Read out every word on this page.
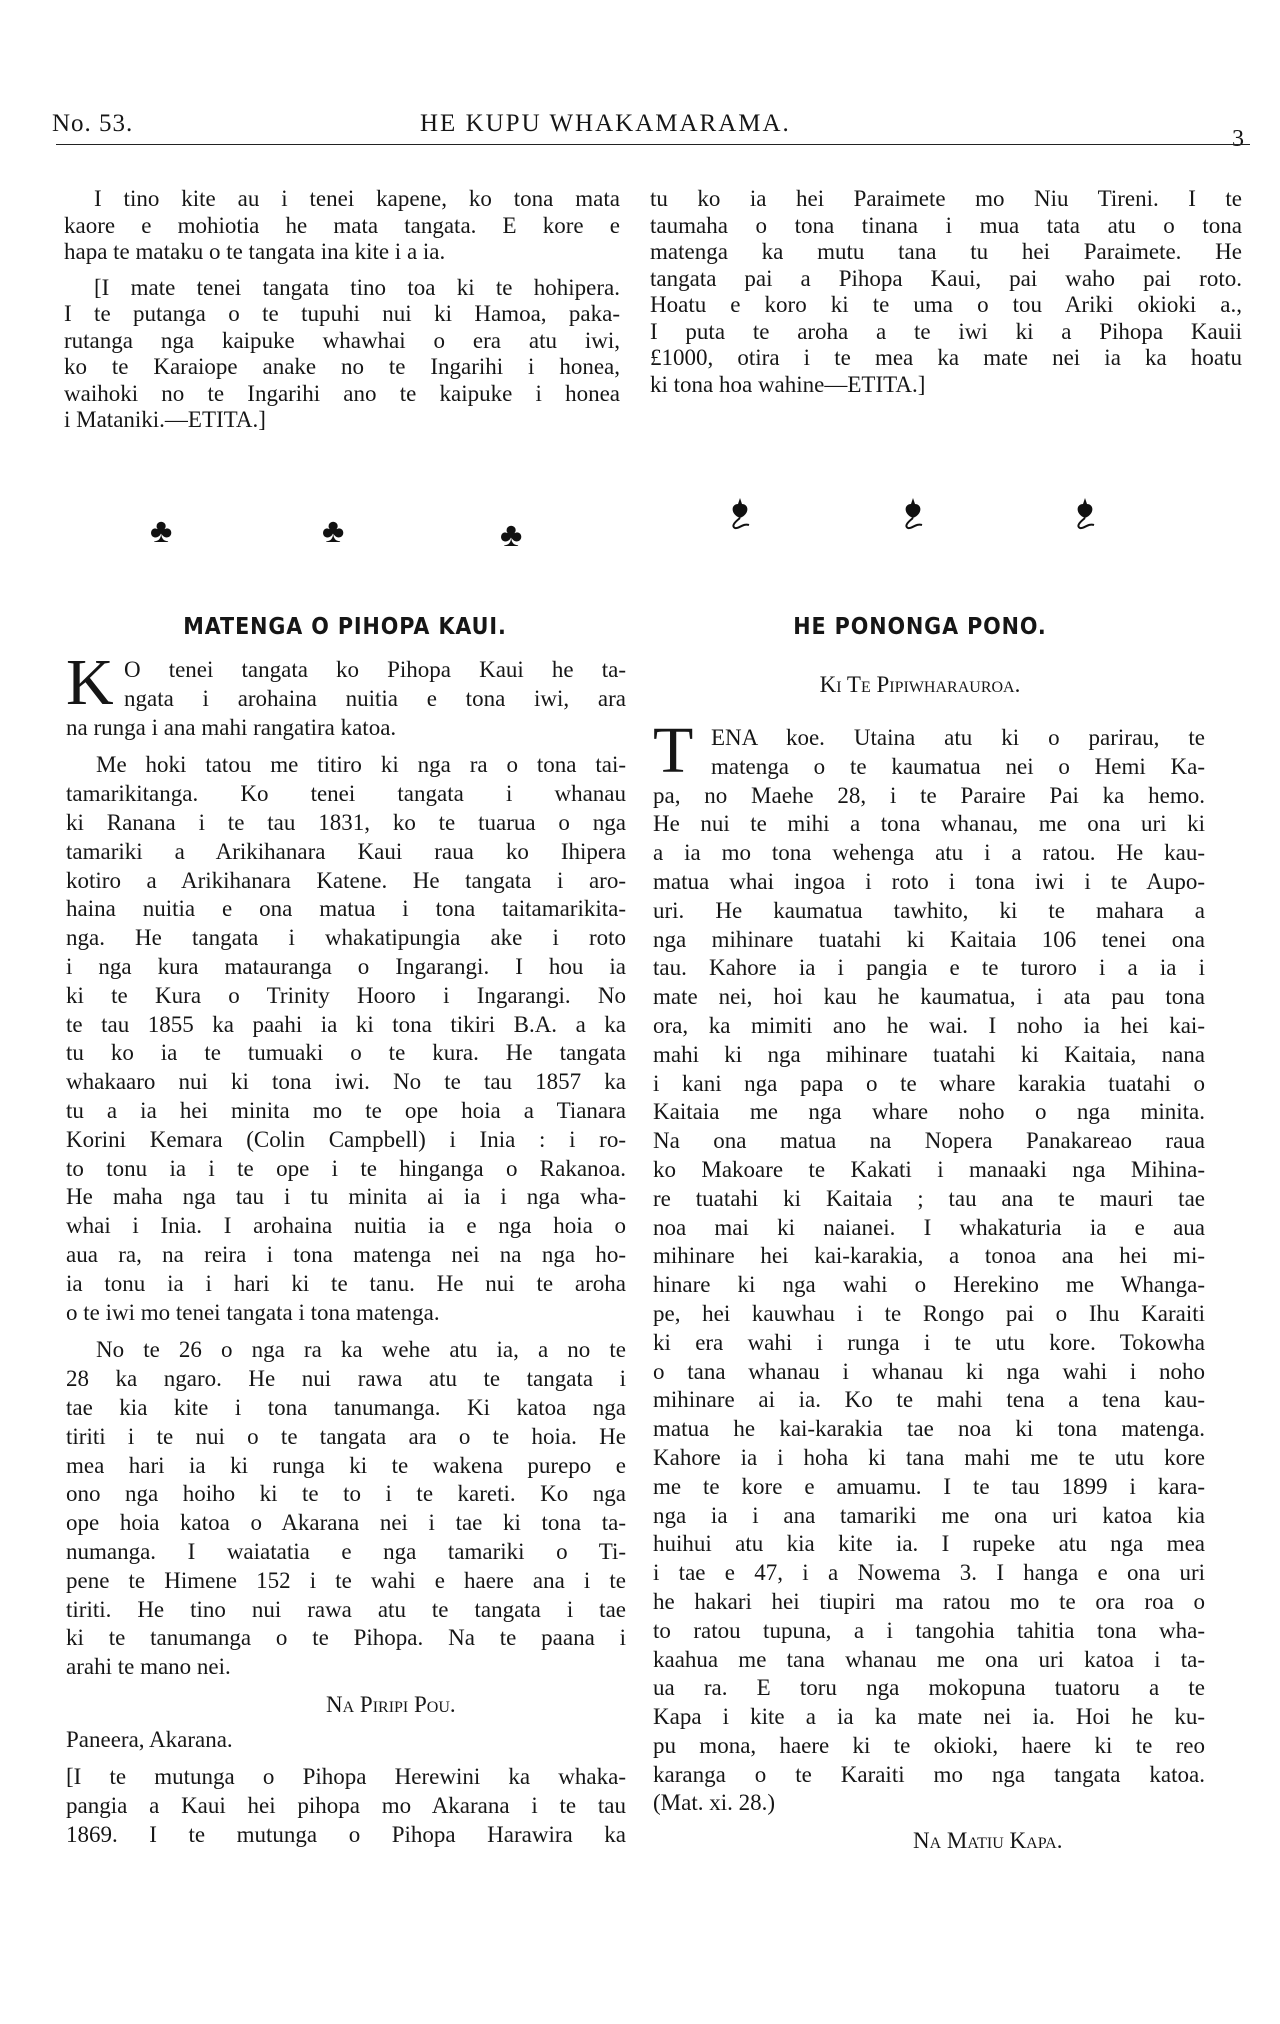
No. 53.	HE KUPU WHAKAMARAMA.
3
I tino kite au i tenei kapene, ko tona mata
kaore e mohiotia he mata tangata. E kore e
hapa te mataku o te tangata ina kite i a ia.
[I mate tenei tangata tino toa ki te hohipera.
I te putanga o te tupuhi nui ki Hamoa, paka-
rutanga nga kaipuke whawhai o era atu iwi,
ko te Karaiope anake no te Ingarihi i honea,
waihoki no te Ingarihi ano te kaipuke i honea
i Mataniki.—ETITA.]
tu ko ia hei Paraimete mo Niu Tireni. I te
taumaha o tona tinana i mua tata atu o tona
matenga ka mutu tana tu hei Paraimete. He
tangata pai a Pihopa Kaui, pai waho pai roto.
Hoatu e koro ki te uma o tou Ariki okioki a.,
I puta te aroha a te iwi ki a Pihopa Kauii
£1000, otira i te mea ka mate nei ia ka hoatu
ki tona hoa wahine—ETITA.]
♣	♣	♣
MATENGA O PIHOPA KAUI.	HE PONONGA PONO.
Ki Te Pipiwharauroa.
K O tenei tangata ko Pihopa Kaui he ta-
ngata i arohaina nuitia e tona iwi, ara
na runga i ana mahi rangatira katoa.
Me hoki tatou me titiro ki nga ra o tona tai-
tamarikitanga. Ko tenei tangata i whanau
ki Ranana i te tau 1831, ko te tuarua o nga
tamariki a Arikihanara Kaui raua ko Ihipera
kotiro a Arikihanara Katene. He tangata i aro-
haina nuitia e ona matua i tona taitamarikita-
nga. He tangata i whakatipungia ake i roto
i nga kura matauranga o Ingarangi. I hou ia
ki te Kura o Trinity Hooro i Ingarangi. No
te tau 1855 ka paahi ia ki tona tikiri B.A. a ka
tu ko ia te tumuaki o te kura. He tangata
whakaaro nui ki tona iwi. No te tau 1857 ka
tu a ia hei minita mo te ope hoia a Tianara
Korini Kemara (Colin Campbell) i Inia : i ro-
to tonu ia i te ope i te hinganga o Rakanoa.
He maha nga tau i tu minita ai ia i nga wha-
whai i Inia. I arohaina nuitia ia e nga hoia o
aua ra, na reira i tona matenga nei na nga ho-
ia tonu ia i hari ki te tanu. He nui te aroha
o te iwi mo tenei tangata i tona matenga.
No te 26 o nga ra ka wehe atu ia, a no te
28 ka ngaro. He nui rawa atu te tangata i
tae kia kite i tona tanumanga. Ki katoa nga
tiriti i te nui o te tangata ara o te hoia. He
mea hari ia ki runga ki te wakena purepo e
ono nga hoiho ki te to i te kareti. Ko nga
ope hoia katoa o Akarana nei i tae ki tona ta-
numanga. I waiatatia e nga tamariki o Ti-
pene te Himene 152 i te wahi e haere ana i te
tiriti. He tino nui rawa atu te tangata i tae
ki te tanumanga o te Pihopa. Na te paana i
arahi te mano nei.
Na Piripi Pou.
Paneera, Akarana.
[I te mutunga o Pihopa Herewini ka whaka-
pangia a Kaui hei pihopa mo Akarana i te tau
1869. I te mutunga o Pihopa Harawira ka
T ENA koe. Utaina atu ki o parirau, te
matenga o te kaumatua nei o Hemi Ka-
pa, no Maehe 28, i te Paraire Pai ka hemo.
He nui te mihi a tona whanau, me ona uri ki
a ia mo tona wehenga atu i a ratou. He kau-
matua whai ingoa i roto i tona iwi i te Aupo-
uri. He kaumatua tawhito, ki te mahara a
nga mihinare tuatahi ki Kaitaia 106 tenei ona
tau. Kahore ia i pangia e te turoro i a ia i
mate nei, hoi kau he kaumatua, i ata pau tona
ora, ka mimiti ano he wai. I noho ia hei kai-
mahi ki nga mihinare tuatahi ki Kaitaia, nana
i kani nga papa o te whare karakia tuatahi o
Kaitaia me nga whare noho o nga minita.
Na ona matua na Nopera Panakareao raua
ko Makoare te Kakati i manaaki nga Mihina-
re tuatahi ki Kaitaia ; tau ana te mauri tae
noa mai ki naianei. I whakaturia ia e aua
mihinare hei kai-karakia, a tonoa ana hei mi-
hinare ki nga wahi o Herekino me Whanga-
pe, hei kauwhau i te Rongo pai o Ihu Karaiti
ki era wahi i runga i te utu kore. Tokowha
o tana whanau i whanau ki nga wahi i noho
mihinare ai ia. Ko te mahi tena a tena kau-
matua he kai-karakia tae noa ki tona matenga.
Kahore ia i hoha ki tana mahi me te utu kore
me te kore e amuamu. I te tau 1899 i kara-
nga ia i ana tamariki me ona uri katoa kia
huihui atu kia kite ia. I rupeke atu nga mea
i tae e 47, i a Nowema 3. I hanga e ona uri
he hakari hei tiupiri ma ratou mo te ora roa o
to ratou tupuna, a i tangohia tahitia tona wha-
kaahua me tana whanau me ona uri katoa i ta-
ua ra. E toru nga mokopuna tuatoru a te
Kapa i kite a ia ka mate nei ia. Hoi he ku-
pu mona, haere ki te okioki, haere ki te reo
karanga o te Karaiti mo nga tangata katoa.
(Mat. xi. 28.)
Na Matiu Kapa.
